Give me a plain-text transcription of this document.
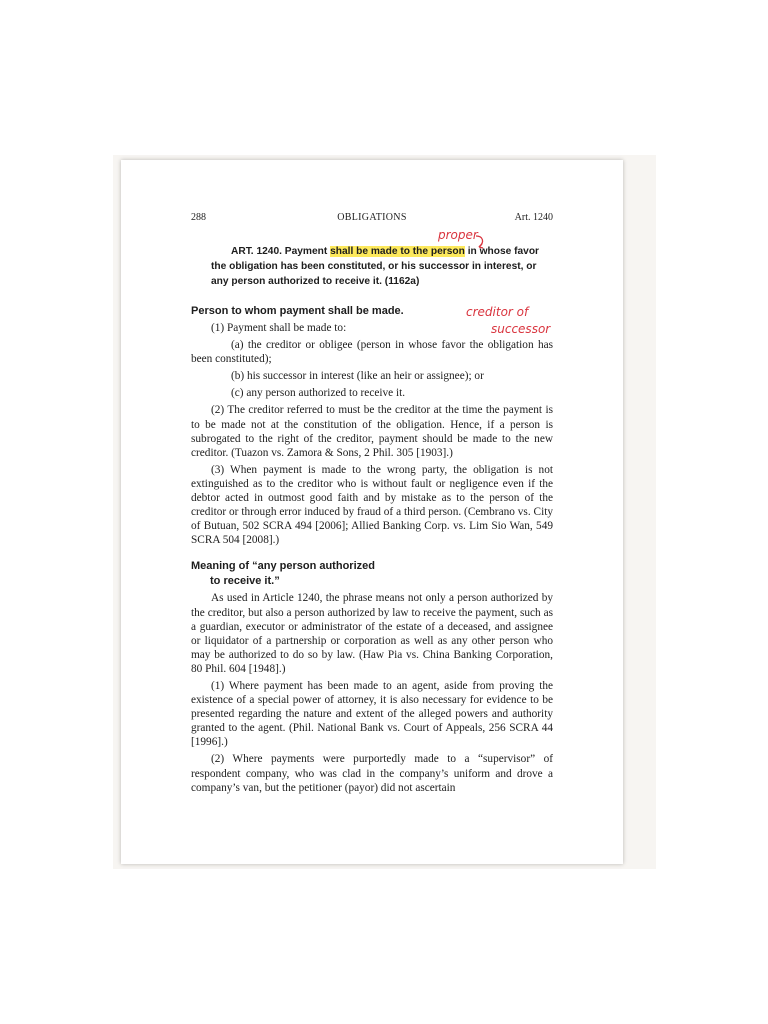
288	OBLIGATIONS	Art. 1240

ART. 1240. Payment shall be made to the person in whose favor the obligation has been constituted, or his successor in interest, or any person authorized to receive it. (1162a)

Person to whom payment shall be made.

(1) Payment shall be made to:

(a) the creditor or obligee (person in whose favor the obligation has been constituted);

(b) his successor in interest (like an heir or assignee); or

(c) any person authorized to receive it.

(2) The creditor referred to must be the creditor at the time the payment is to be made not at the constitution of the obligation. Hence, if a person is subrogated to the right of the creditor, payment should be made to the new creditor. (Tuazon vs. Zamora & Sons, 2 Phil. 305 [1903].)

(3) When payment is made to the wrong party, the obligation is not extinguished as to the creditor who is without fault or negligence even if the debtor acted in outmost good faith and by mistake as to the person of the creditor or through error induced by fraud of a third person. (Cembrano vs. City of Butuan, 502 SCRA 494 [2006]; Allied Banking Corp. vs. Lim Sio Wan, 549 SCRA 504 [2008].)

Meaning of “any person authorized
to receive it.”

As used in Article 1240, the phrase means not only a person authorized by the creditor, but also a person authorized by law to receive the payment, such as a guardian, executor or administrator of the estate of a deceased, and assignee or liquidator of a partnership or corporation as well as any other person who may be authorized to do so by law. (Haw Pia vs. China Banking Corporation, 80 Phil. 604 [1948].)

(1) Where payment has been made to an agent, aside from proving the existence of a special power of attorney, it is also necessary for evidence to be presented regarding the nature and extent of the alleged powers and authority granted to the agent. (Phil. National Bank vs. Court of Appeals, 256 SCRA 44 [1996].)

(2) Where payments were purportedly made to a “supervisor” of respondent company, who was clad in the company’s uniform and drove a company’s van, but the petitioner (payor) did not ascertain

proper
creditor of
successor
